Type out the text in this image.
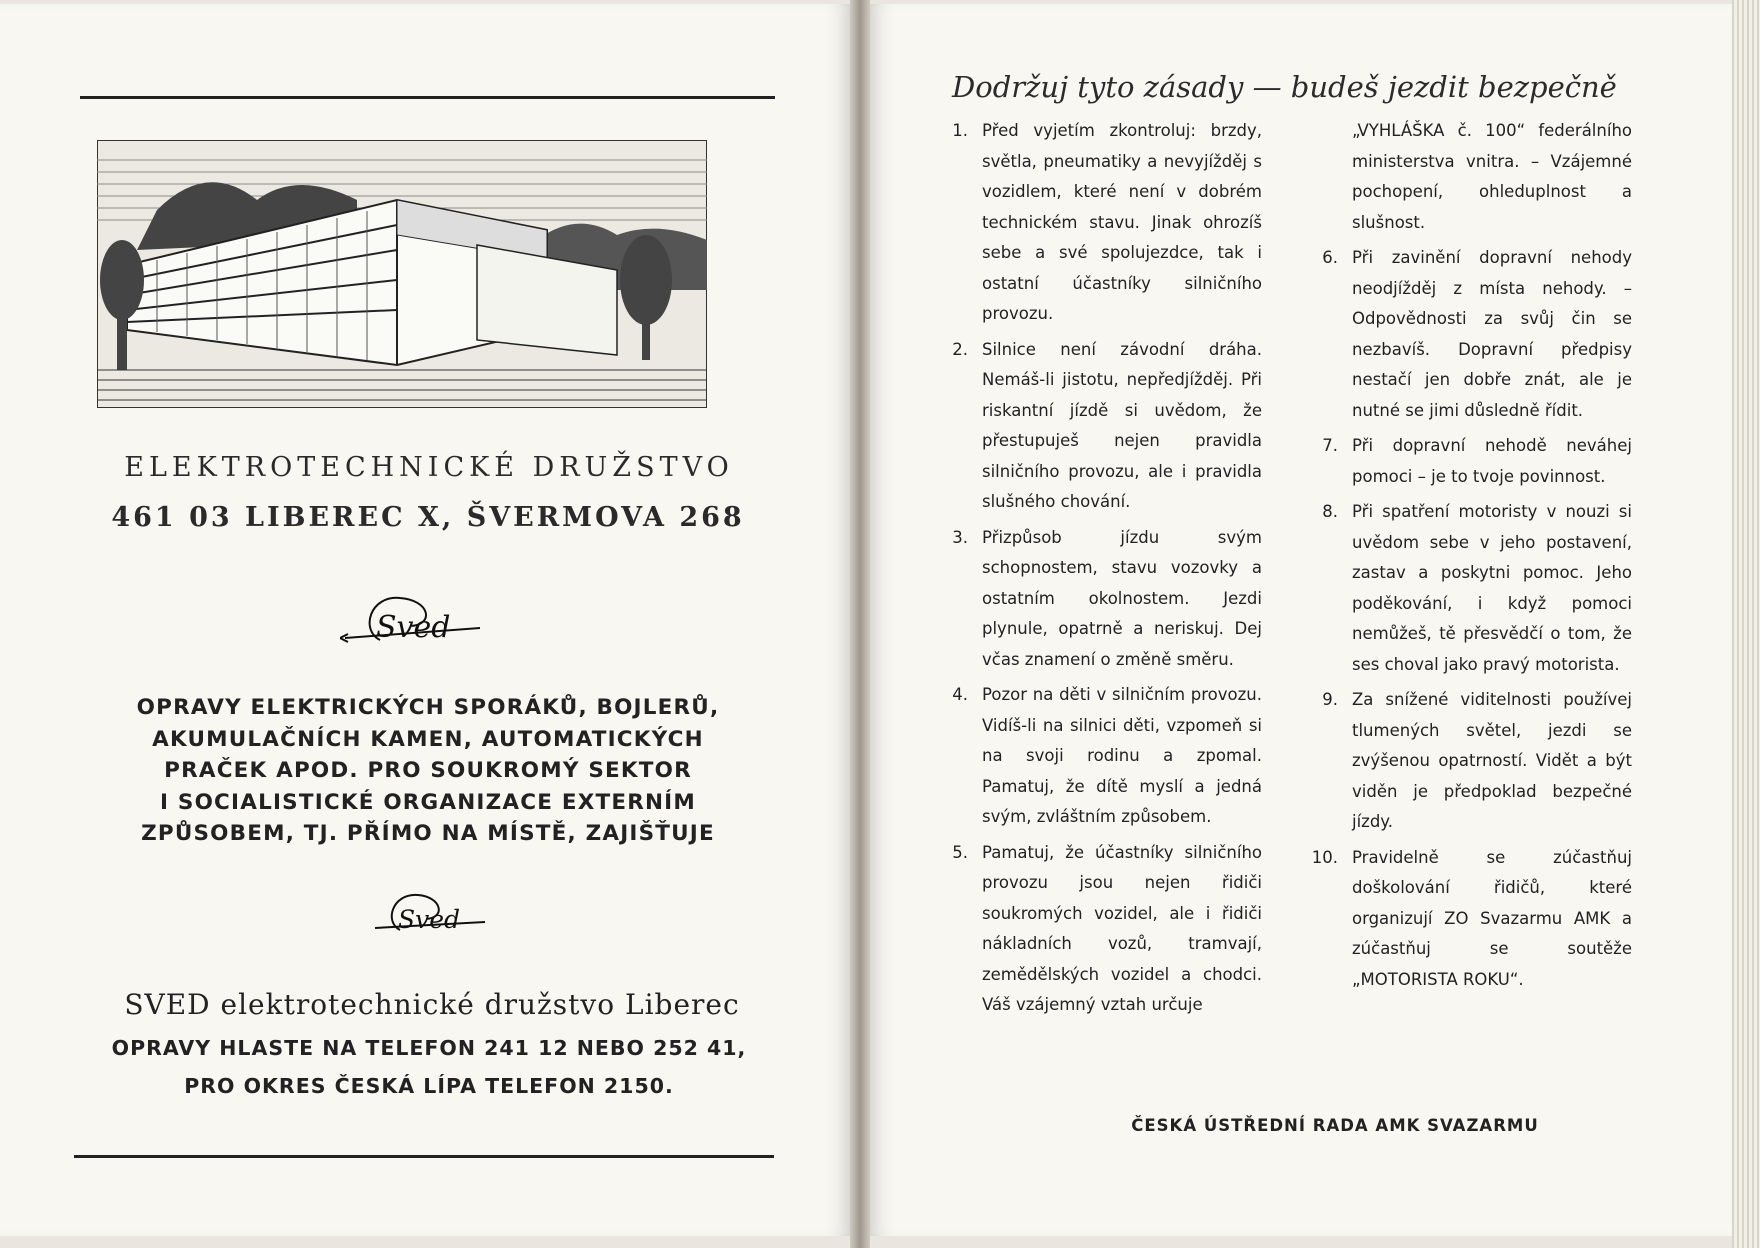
ELEKTROTECHNICKÉ DRUŽSTVO
461 03 LIBEREC X, ŠVERMOVA 268
Sved
OPRAVY ELEKTRICKÝCH SPORÁKŮ, BOJLERŮ,
AKUMULAČNÍCH KAMEN, AUTOMATICKÝCH
PRAČEK APOD. PRO SOUKROMÝ SEKTOR
I SOCIALISTICKÉ ORGANIZACE EXTERNÍM
ZPŮSOBEM, TJ. PŘÍMO NA MÍSTĚ, ZAJIŠŤUJE
Sved
SVED elektrotechnické družstvo Liberec
OPRAVY HLASTE NA TELEFON 241 12 NEBO 252 41,
PRO OKRES ČESKÁ LÍPA TELEFON 2150.
Dodržuj tyto zásady — budeš jezdit bezpečně
1. Před vyjetím zkontroluj: brzdy, světla, pneumatiky a nevyjížděj s vozidlem, které není v dobrém technickém stavu. Jinak ohrozíš sebe a své spolujezdce, tak i ostatní účastníky silničního provozu.
2. Silnice není závodní dráha. Nemáš-li jistotu, nepředjížděj. Při riskantní jízdě si uvědom, že přestupuješ nejen pravidla silničního provozu, ale i pravidla slušného chování.
3. Přizpůsob jízdu svým schopnostem, stavu vozovky a ostatním okolnostem. Jezdi plynule, opatrně a neriskuj. Dej včas znamení o změně směru.
4. Pozor na děti v silničním provozu. Vidíš-li na silnici děti, vzpomeň si na svoji rodinu a zpomal. Pamatuj, že dítě myslí a jedná svým, zvláštním způsobem.
5. Pamatuj, že účastníky silničního provozu jsou nejen řidiči soukromých vozidel, ale i řidiči nákladních vozů, tramvají, zemědělských vozidel a chodci. Váš vzájemný vztah určuje
„VYHLÁŠKA č. 100“ federálního ministerstva vnitra. – Vzájemné pochopení, ohleduplnost a slušnost.
6. Při zavinění dopravní nehody neodjížděj z místa nehody. – Odpovědnosti za svůj čin se nezbavíš. Dopravní předpisy nestačí jen dobře znát, ale je nutné se jimi důsledně řídit.
7. Při dopravní nehodě neváhej pomoci – je to tvoje povinnost.
8. Při spatření motoristy v nouzi si uvědom sebe v jeho postavení, zastav a poskytni pomoc. Jeho poděkování, i když pomoci nemůžeš, tě přesvědčí o tom, že ses choval jako pravý motorista.
9. Za snížené viditelnosti používej tlumených světel, jezdi se zvýšenou opatrností. Vidět a být viděn je předpoklad bezpečné jízdy.
10. Pravidelně se zúčastňuj doškolování řidičů, které organizují ZO Svazarmu AMK a zúčastňuj se soutěže „MOTORISTA ROKU“.
ČESKÁ ÚSTŘEDNÍ RADA AMK SVAZARMU
